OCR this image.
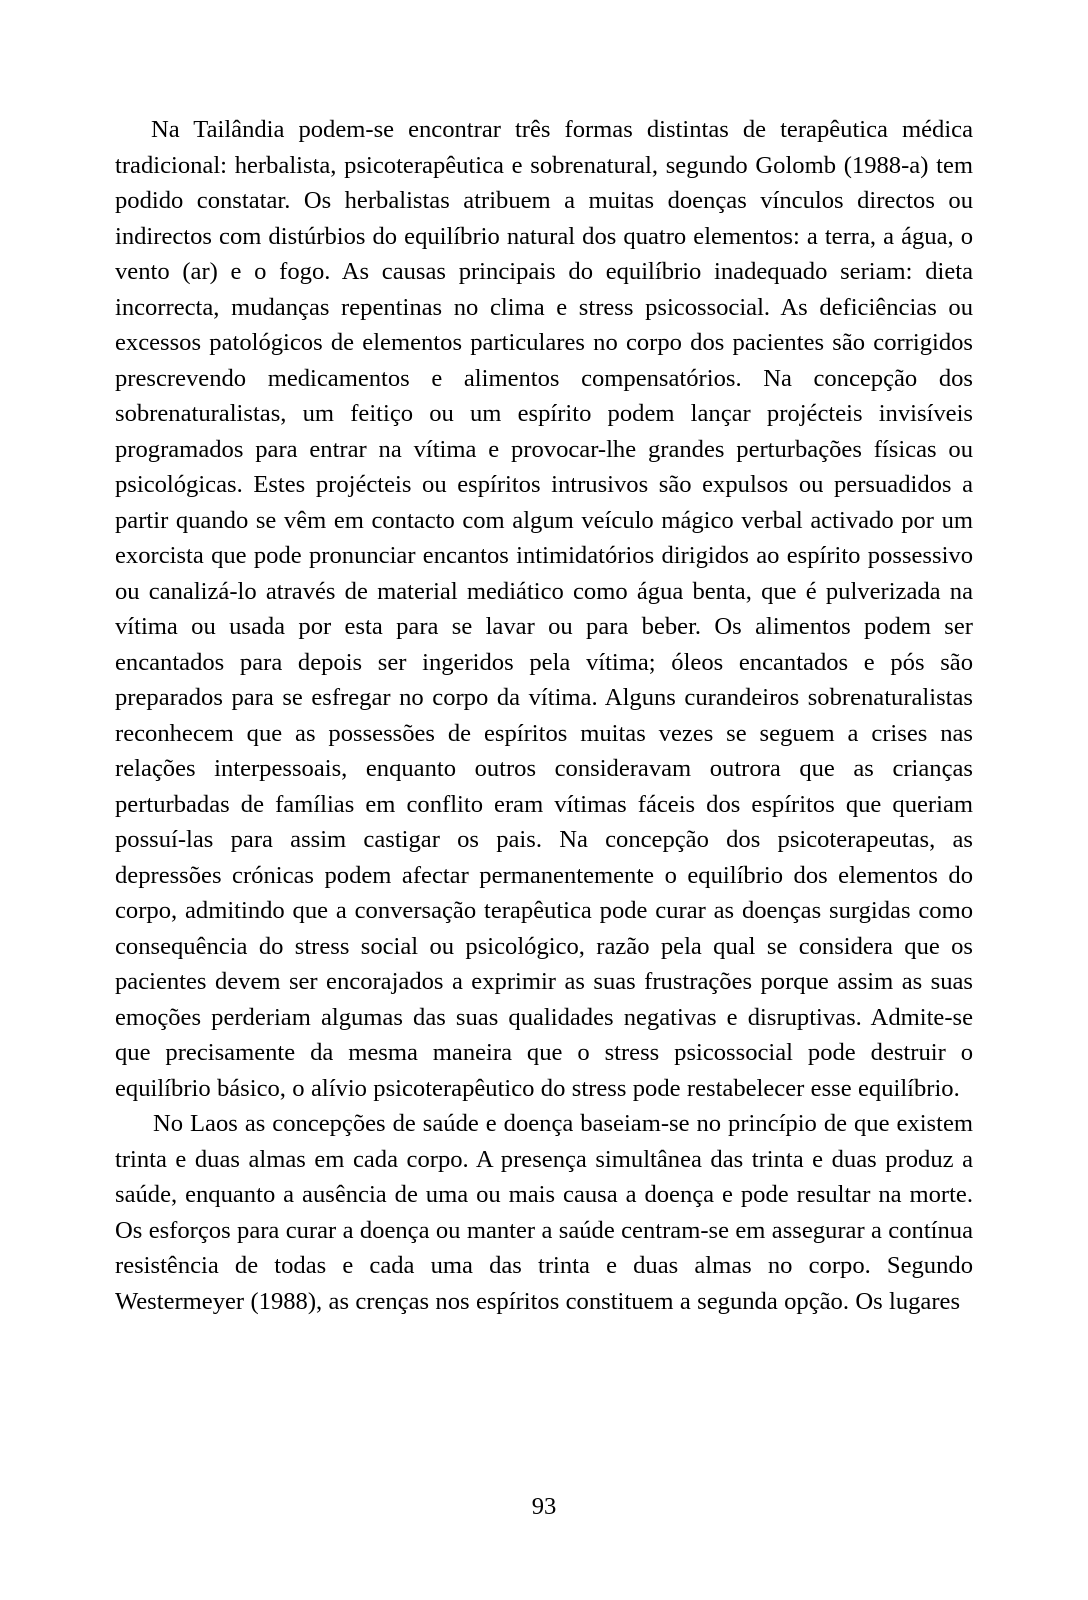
Na Tailândia podem-se encontrar três formas distintas de terapêutica médica tradicional: herbalista, psicoterapêutica e sobrenatural, segundo Golomb (1988-a) tem podido constatar. Os herbalistas atribuem a muitas doenças vínculos directos ou indirectos com distúrbios do equilíbrio natural dos quatro elementos: a terra, a água, o vento (ar) e o fogo. As causas principais do equilíbrio inadequado seriam: dieta incorrecta, mudanças repentinas no clima e stress psicossocial. As deficiências ou excessos patológicos de elementos particulares no corpo dos pacientes são corrigidos prescrevendo medicamentos e alimentos compensatórios. Na concepção dos sobrenaturalistas, um feitiço ou um espírito podem lançar projécteis invisíveis programados para entrar na vítima e provocar-lhe grandes perturbações físicas ou psicológicas. Estes projécteis ou espíritos intrusivos são expulsos ou persuadidos a partir quando se vêm em contacto com algum veículo mágico verbal activado por um exorcista que pode pronunciar encantos intimidatórios dirigidos ao espírito possessivo ou canalizá-lo através de material mediático como água benta, que é pulverizada na vítima ou usada por esta para se lavar ou para beber. Os alimentos podem ser encantados para depois ser ingeridos pela vítima; óleos encantados e pós são preparados para se esfregar no corpo da vítima. Alguns curandeiros sobrenaturalistas reconhecem que as possessões de espíritos muitas vezes se seguem a crises nas relações interpessoais, enquanto outros consideravam outrora que as crianças perturbadas de famílias em conflito eram vítimas fáceis dos espíritos que queriam possuí-las para assim castigar os pais. Na concepção dos psicoterapeutas, as depressões crónicas podem afectar permanentemente o equilíbrio dos elementos do corpo, admitindo que a conversação terapêutica pode curar as doenças surgidas como consequência do stress social ou psicológico, razão pela qual se considera que os pacientes devem ser encorajados a exprimir as suas frustrações porque assim as suas emoções perderiam algumas das suas qualidades negativas e disruptivas. Admite-se que precisamente da mesma maneira que o stress psicossocial pode destruir o equilíbrio básico, o alívio psicoterapêutico do stress pode restabelecer esse equilíbrio.

No Laos as concepções de saúde e doença baseiam-se no princípio de que existem trinta e duas almas em cada corpo. A presença simultânea das trinta e duas produz a saúde, enquanto a ausência de uma ou mais causa a doença e pode resultar na morte. Os esforços para curar a doença ou manter a saúde centram-se em assegurar a contínua resistência de todas e cada uma das trinta e duas almas no corpo. Segundo Westermeyer (1988), as crenças nos espíritos constituem a segunda opção. Os lugares

93
